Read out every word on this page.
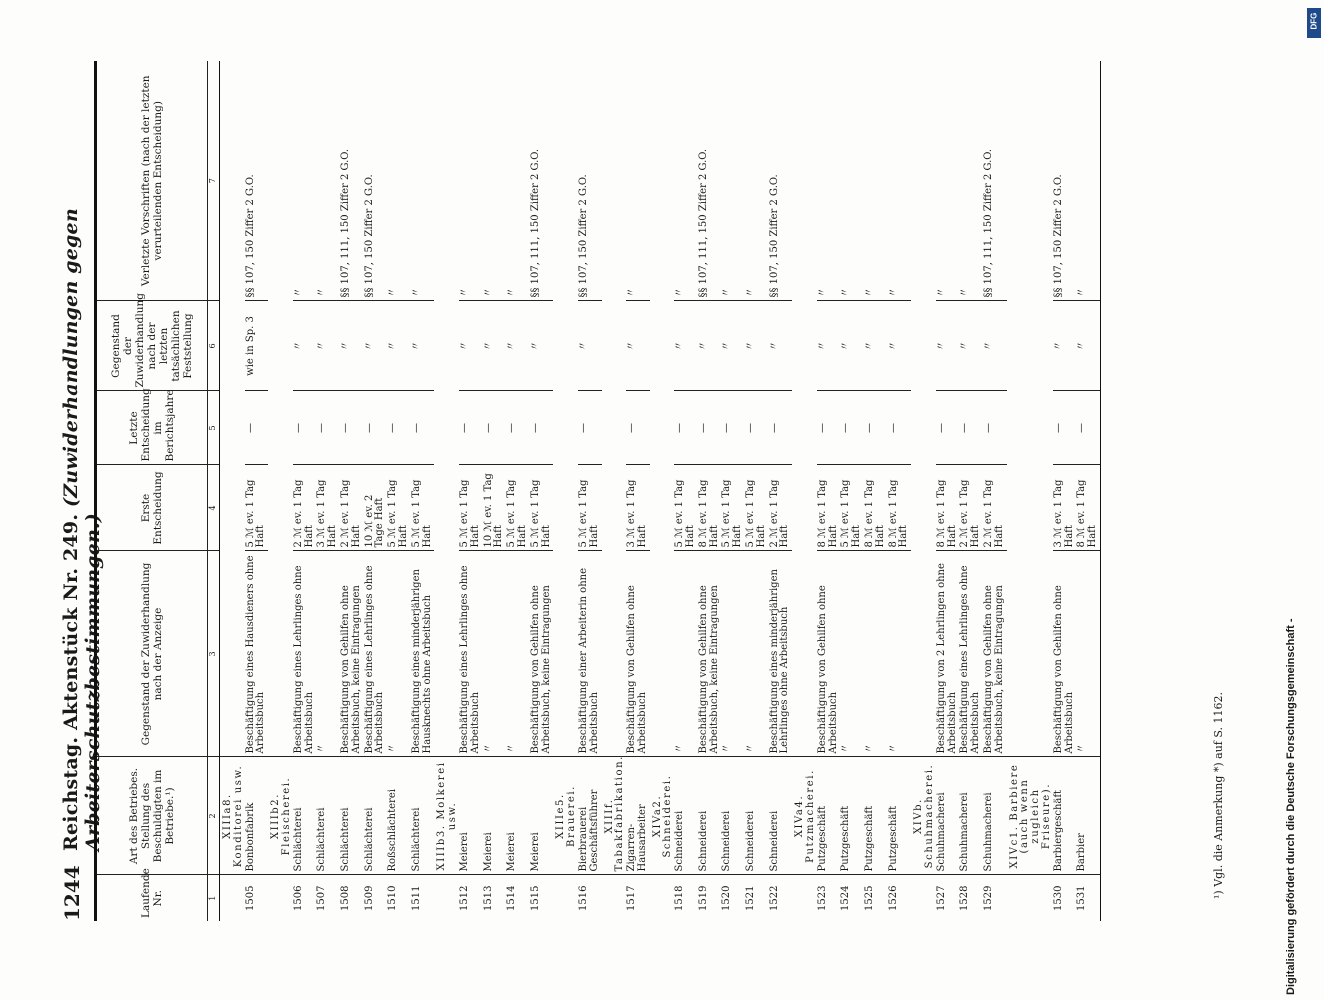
1244
Reichstag. Aktenstück Nr. 249. (Zuwiderhandlungen gegen Arbeiterschutzbestimmungen.)
Laufende Nr.	Art des Betriebes. Stellung des Beschuldigten im Betriebe.¹)	Gegenstand der Zuwiderhandlung nach der Anzeige	Erste Entscheidung	Letzte Entscheidung im Berichtsjahre	Gegenstand der Zuwiderhandlung nach der letzten tatsächlichen Feststellung	Verletzte Vorschriften (nach der letzten verurteilenden Entscheidung)
1	2	3	4	5	6	7
	XIIIa8. Konditorei usw.					
1505	Bonbonfabrik	Beschäftigung eines Hausdieners ohne Arbeitsbuch	5 ℳ ev. 1 Tag Haft	—	wie in Sp. 3	§§ 107, 150 Ziffer 2 G.O.
	XIIIb2. Fleischerei.					
1506	Schlächterei	Beschäftigung eines Lehrlinges ohne Arbeitsbuch	2 ℳ ev. 1 Tag Haft	—	〃	〃
1507	Schlächterei	〃	3 ℳ ev. 1 Tag Haft	—	〃	〃
1508	Schlächterei	Beschäftigung von Gehilfen ohne Arbeitsbuch, keine Eintragungen	2 ℳ ev. 1 Tag Haft	—	〃	§§ 107, 111, 150 Ziffer 2 G.O.
1509	Schlächterei	Beschäftigung eines Lehrlinges ohne Arbeitsbuch	10 ℳ ev. 2 Tage Haft	—	〃	§§ 107, 150 Ziffer 2 G.O.
1510	Roßschlächterei	〃	5 ℳ ev. 1 Tag Haft	—	〃	〃
1511	Schlächterei	Beschäftigung eines minderjährigen Hausknechts ohne Arbeitsbuch	5 ℳ ev. 1 Tag Haft	—	〃	〃
	XIIIb3. Molkerei usw.					
1512	Meierei	Beschäftigung eines Lehrlinges ohne Arbeitsbuch	5 ℳ ev. 1 Tag Haft	—	〃	〃
1513	Meierei	〃	10 ℳ ev. 1 Tag Haft	—	〃	〃
1514	Meierei	〃	5 ℳ ev. 1 Tag Haft	—	〃	〃
1515	Meierei	Beschäftigung von Gehilfen ohne Arbeitsbuch, keine Eintragungen	5 ℳ ev. 1 Tag Haft	—	〃	§§ 107, 111, 150 Ziffer 2 G.O.
	XIIIe5. Brauerei.					
1516	Bierbrauerei Geschäftsführer	Beschäftigung einer Arbeiterin ohne Arbeitsbuch	5 ℳ ev. 1 Tag Haft	—	〃	§§ 107, 150 Ziffer 2 G.O.
	XIIIf. Tabakfabrikation.					
1517	Zigarren-Hausarbeiter	Beschäftigung von Gehilfen ohne Arbeitsbuch	3 ℳ ev. 1 Tag Haft	—	〃	〃
	XIVa2. Schneiderei.					
1518	Schneiderei	〃	5 ℳ ev. 1 Tag Haft	—	〃	〃
1519	Schneiderei	Beschäftigung von Gehilfen ohne Arbeitsbuch, keine Eintragungen	8 ℳ ev. 1 Tag Haft	—	〃	§§ 107, 111, 150 Ziffer 2 G.O.
1520	Schneiderei	〃	5 ℳ ev. 1 Tag Haft	—	〃	〃
1521	Schneiderei	〃	5 ℳ ev. 1 Tag Haft	—	〃	〃
1522	Schneiderei	Beschäftigung eines minderjährigen Lehrlinges ohne Arbeitsbuch	2 ℳ ev. 1 Tag Haft	—	〃	§§ 107, 150 Ziffer 2 G.O.
	XIVa4. Putzmacherei.					
1523	Putzgeschäft	Beschäftigung von Gehilfen ohne Arbeitsbuch	8 ℳ ev. 1 Tag Haft	—	〃	〃
1524	Putzgeschäft	〃	5 ℳ ev. 1 Tag Haft	—	〃	〃
1525	Putzgeschäft	〃	8 ℳ ev. 1 Tag Haft	—	〃	〃
1526	Putzgeschäft	〃	8 ℳ ev. 1 Tag Haft	—	〃	〃
	XIVb. Schuhmacherei.					
1527	Schuhmacherei	Beschäftigung von 2 Lehrlingen ohne Arbeitsbuch	8 ℳ ev. 1 Tag Haft	—	〃	〃
1528	Schuhmacherei	Beschäftigung eines Lehrlinges ohne Arbeitsbuch	2 ℳ ev. 1 Tag Haft	—	〃	〃
1529	Schuhmacherei	Beschäftigung von Gehilfen ohne Arbeitsbuch, keine Eintragungen	2 ℳ ev. 1 Tag Haft	—	〃	§§ 107, 111, 150 Ziffer 2 G.O.
	XIVc1. Barbiere (auch wenn zugleich Friseure).					
1530	Barbiergeschäft	Beschäftigung von Gehilfen ohne Arbeitsbuch	3 ℳ ev. 1 Tag Haft	—	〃	§§ 107, 150 Ziffer 2 G.O.
1531	Barbier	〃	8 ℳ ev. 1 Tag Haft	—	〃	〃
¹) Vgl. die Anmerkung *) auf S. 1162.	Digitalisierung gefördert durch die Deutsche Forschungsgemeinschaft -
DFG
